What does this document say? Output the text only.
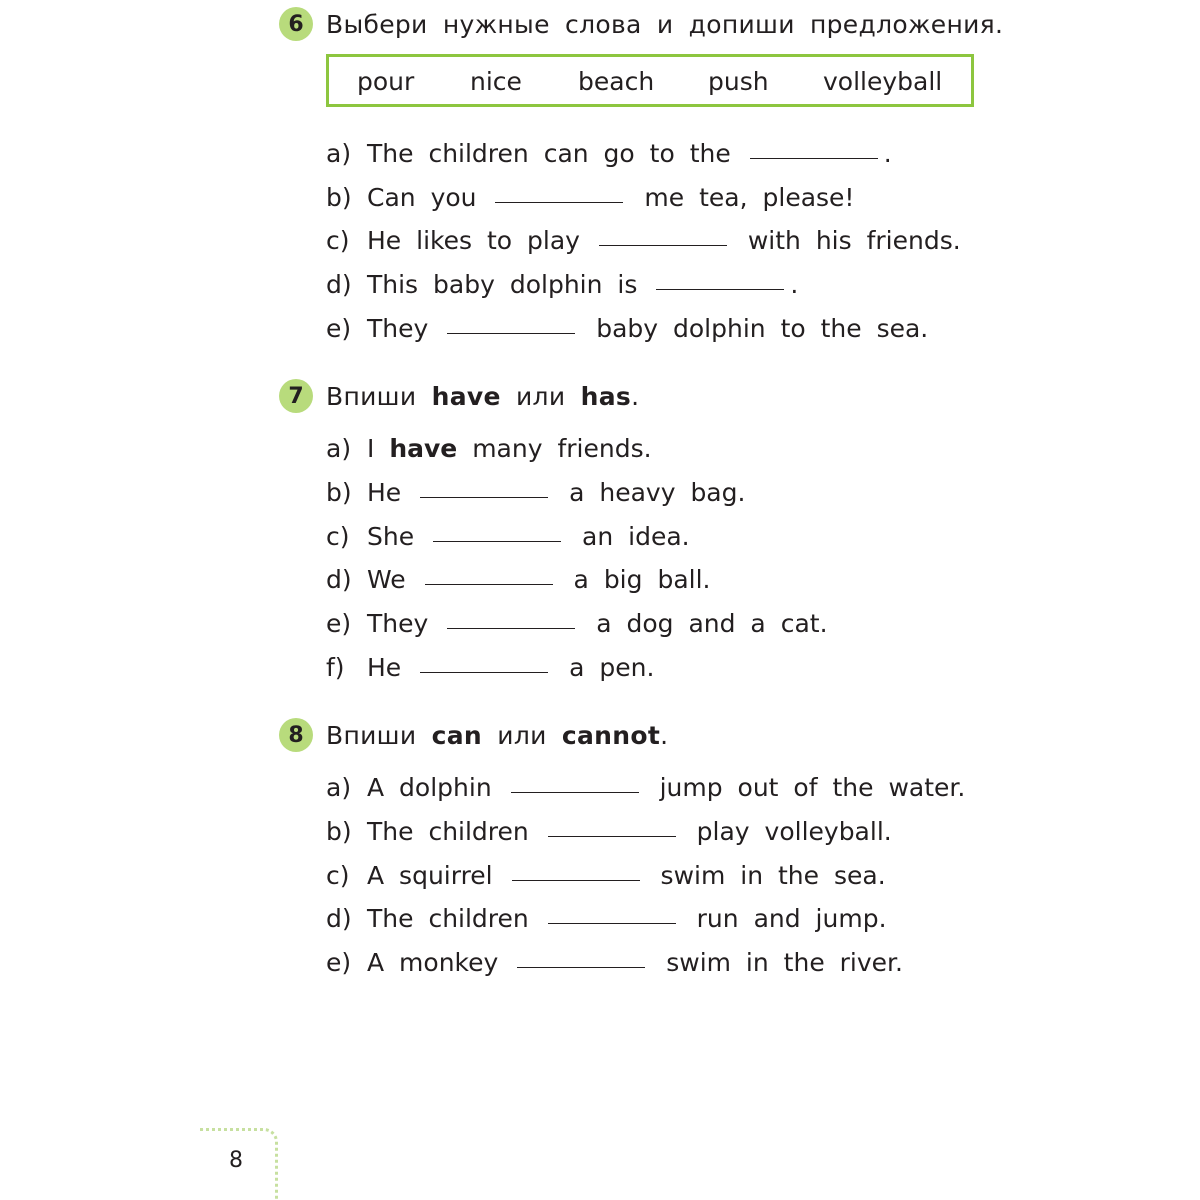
6 Выбери нужные слова и допиши предложения.
pour nice beach push volleyball
a) The children can go to the	.
b) Can you	me tea, please!
c) He likes to play	with his friends.
d) This baby dolphin is	.
e) They	baby dolphin to the sea.
7 Впиши have или has.
a) I have many friends.
b) He	a heavy bag.
c) She	an idea.
d) We	a big ball.
e) They	a dog and a cat.
f) He	a pen.
8 Впиши can или cannot.
a) A dolphin	jump out of the water.
b) The children	play volleyball.
c) A squirrel	swim in the sea.
d) The children	run and jump.
e) A monkey	swim in the river.
8
